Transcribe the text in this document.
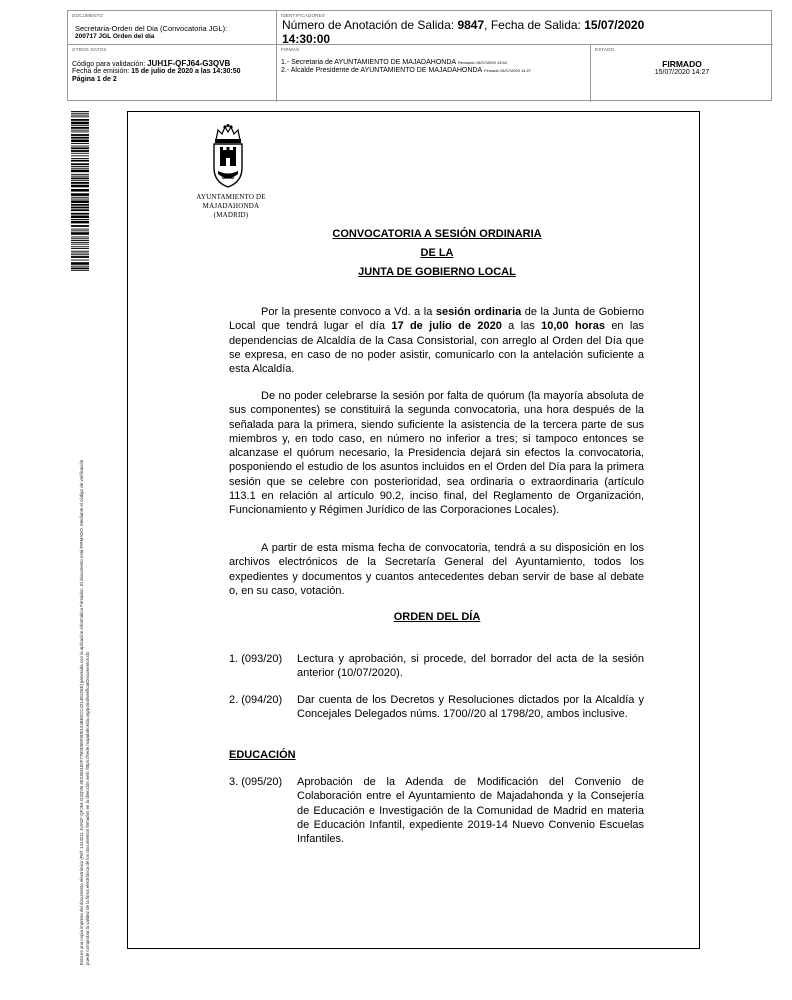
DOCUMENTO
Secretaria-Orden del Dia (Convocatoria JGL):
200717 JGL Orden del día
IDENTIFICADORES
Número de Anotación de Salida: 9847, Fecha de Salida: 15/07/2020
14:30:00
OTROS DATOS
Código para validación: JUH1F-QFJ64-G3QVB
Fecha de emisión: 15 de julio de 2020 a las 14:30:50
Página 1 de 2
FIRMAS
1.- Secretaria de AYUNTAMIENTO DE MAJADAHONDA Revisado 15/07/2020 13:52
2.- Alcalde Presidente de AYUNTAMIENTO DE MAJADAHONDA Firmado 15/07/2020 14:27
ESTADO
FIRMADO
15/07/2020 14:27

Esta es una copia impresa del documento electrónico (Ref: 1414211 JUH1F-QFJ64-G3QVB 3E2383102F77B9D55F9D0124BE0CC4214E226E) generada con la aplicación informática Firmadoc. El documento está FIRMADO. Mediante el código de verificación puede comprobar la validez de la firma electrónica de los documentos firmados en la dirección web: https://sede.majadahonda.org/portal/verificarDocumentos.do

AYUNTAMIENTO DE
MAJADAHONDA
(MADRID)
CONVOCATORIA A SESIÓN ORDINARIA
DE LA
JUNTA DE GOBIERNO LOCAL

Por la presente convoco a Vd. a la sesión ordinaria de la Junta de Gobierno Local que tendrá lugar el día 17 de julio de 2020 a las 10,00 horas en las dependencias de Alcaldía de la Casa Consistorial, con arreglo al Orden del Día que se expresa, en caso de no poder asistir, comunicarlo con la antelación suficiente a esta Alcaldía.

De no poder celebrarse la sesión por falta de quórum (la mayoría absoluta de sus componentes) se constituirá la segunda convocatoria, una hora después de la señalada para la primera, siendo suficiente la asistencia de la tercera parte de sus miembros y, en todo caso, en número no inferior a tres; si tampoco entonces se alcanzase el quórum necesario, la Presidencia dejará sin efectos la convocatoria, posponiendo el estudio de los asuntos incluidos en el Orden del Día para la primera sesión que se celebre con posterioridad, sea ordinaria o extraordinaria (artículo 113.1 en relación al artículo 90.2, inciso final, del Reglamento de Organización, Funcionamiento y Régimen Jurídico de las Corporaciones Locales).

A partir de esta misma fecha de convocatoria, tendrá a su disposición en los archivos electrónicos de la Secretaría General del Ayuntamiento, todos los expedientes y documentos y cuantos antecedentes deban servir de base al debate o, en su caso, votación.

ORDEN DEL DÍA
1. (093/20)	Lectura y aprobación, si procede, del borrador del acta de la sesión anterior (10/07/2020).
2. (094/20)	Dar cuenta de los Decretos y Resoluciones dictados por la Alcaldía y Concejales Delegados núms. 1700//20 al 1798/20, ambos inclusive.
EDUCACIÓN
3. (095/20)	Aprobación de la Adenda de Modificación del Convenio de Colaboración entre el Ayuntamiento de Majadahonda y la Consejería de Educación e Investigación de la Comunidad de Madrid en materia de Educación Infantil, expediente 2019-14 Nuevo Convenio Escuelas Infantiles.
